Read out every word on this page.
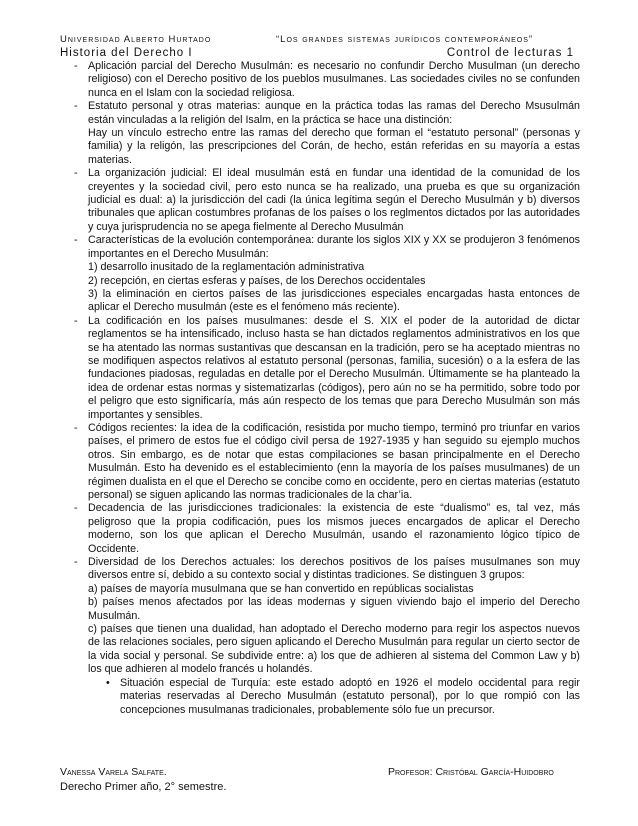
Universidad Alberto Hurtado	“Los grandes sistemas jurídicos contemporáneos”
Historia del Derecho I	Control de lecturas 1
- Aplicación parcial del Derecho Musulmán: es necesario no confundir Dercho Musulman (un derecho religioso) con el Derecho positivo de los pueblos musulmanes. Las sociedades civiles no se confunden nunca en el Islam con la sociedad religiosa.

- Estatuto personal y otras materias: aunque en la práctica todas las ramas del Derecho Msusulmán están vinculadas a la religión del Isalm, en la práctica se hace una distinción:

Hay un vínculo estrecho entre las ramas del derecho que forman el “estatuto personal” (personas y familia) y la religón, las prescripciones del Corán, de hecho, están referidas en su mayoría a estas materias.

- La organización judicial: El ideal musulmán está en fundar una identidad de la comunidad de los creyentes y la sociedad civil, pero esto nunca se ha realizado, una prueba es que su organización judicial es dual: a) la jurisdicción del cadi (la única legítima según el Derecho Musulmán y b) diversos tribunales que aplican costumbres profanas de los países o los reglmentos dictados por las autoridades y cuya jurisprudencia no se apega fielmente al Derecho Musulmán

- Características de la evolución contemporánea: durante los siglos XIX y XX se produjeron 3 fenómenos importantes en el Derecho Musulmán:

1) desarrollo inusitado de la reglamentación administrativa

2) recepción, en ciertas esferas y países, de los Derechos occidentales

3) la eliminación en ciertos países de las jurisdicciones especiales encargadas hasta entonces de aplicar el Derecho musulmán (este es el fenómeno más reciente).

- La codificación en los países musulmanes: desde el S. XIX el poder de la autoridad de dictar reglamentos se ha intensificado, incluso hasta se han dictados reglamentos administrativos en los que se ha atentado las normas sustantivas que descansan en la tradición, pero se ha aceptado mientras no se modifiquen aspectos relativos al estatuto personal (personas, familia, sucesión) o a la esfera de las fundaciones piadosas, reguladas en detalle por el Derecho Musulmán. Últimamente se ha planteado la idea de ordenar estas normas y sistematizarlas (códigos), pero aún no se ha permitido, sobre todo por el peligro que esto significaría, más aún respecto de los temas que para Derecho Musulmán son más importantes y sensibles.

- Códigos recientes: la idea de la codificación, resistida por mucho tiempo, terminó pro triunfar en varios países, el primero de estos fue el código civil persa de 1927-1935 y han seguido su ejemplo muchos otros. Sin embargo, es de notar que estas compilaciones se basan principalmente en el Derecho Musulmán. Esto ha devenido es el establecimiento (enn la mayoría de los países musulmanes) de un régimen dualista en el que el Derecho se concibe como en occidente, pero en ciertas materias (estatuto personal) se siguen aplicando las normas tradicionales de la char’ia.

- Decadencia de las jurisdicciones tradicionales: la existencia de este “dualismo” es, tal vez, más peligroso que la propia codificación, pues los mismos jueces encargados de aplicar el Derecho moderno, son los que aplican el Derecho Musulmán, usando el razonamiento lógico típico de Occidente.

- Diversidad de los Derechos actuales: los derechos positivos de los países musulmanes son muy diversos entre sí, debido a su contexto social y distintas tradiciones. Se distinguen 3 grupos:

a) países de mayoría musulmana que se han convertido en repúblicas socialistas

b) países menos afectados por las ideas modernas y siguen viviendo bajo el imperio del Derecho Musulmán.

c) países que tienen una dualidad, han adoptado el Derecho moderno para regir los aspectos nuevos de las relaciones sociales, pero siguen aplicando el Derecho Musulmán para regular un cierto sector de la vida social y personal. Se subdivide entre: a) los que de adhieren al sistema del Common Law y b) los que adhieren al modelo francés u holandés.

• Situación especial de Turquía: este estado adoptó en 1926 el modelo occidental para regir materias reservadas al Derecho Musulmán (estatuto personal), por lo que rompió con las concepciones musulmanas tradicionales, probablemente sólo fue un precursor.

Vanessa Varela Salfate.	Profesor: Cristóbal García-Huidobro
Derecho Primer año, 2° semestre.
